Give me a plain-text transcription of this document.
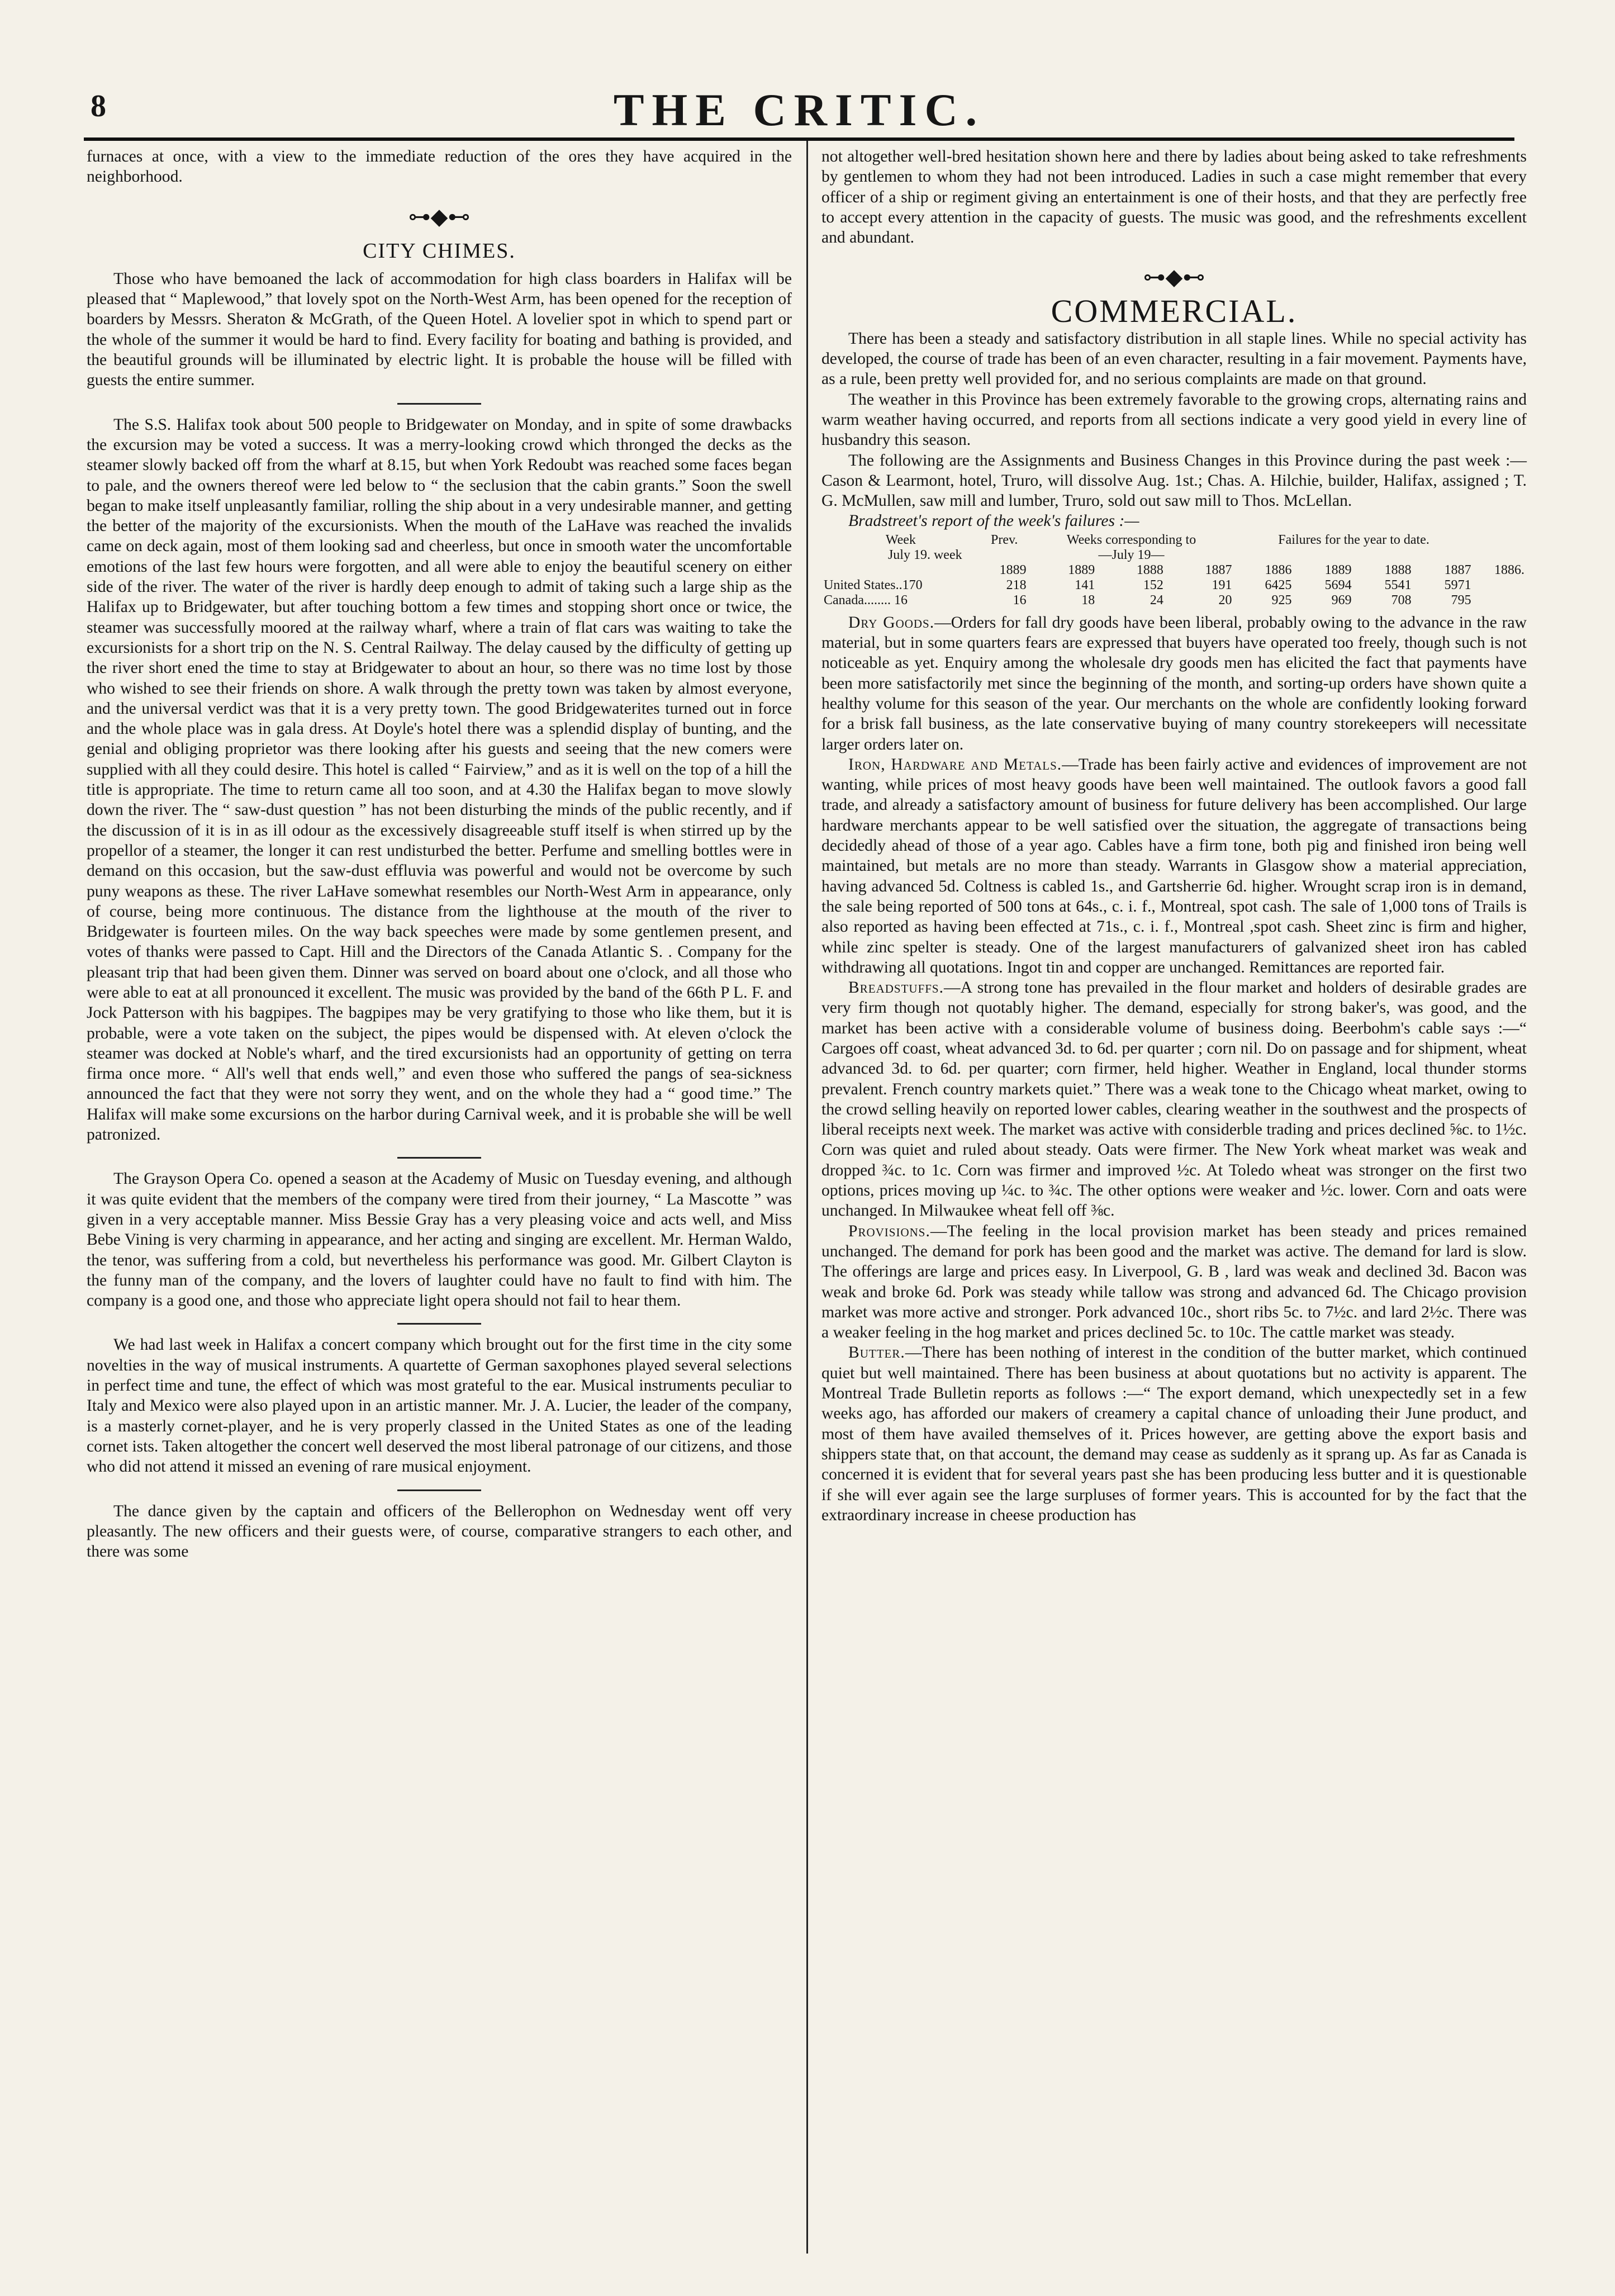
8	THE CRITIC.

furnaces at once, with a view to the immediate reduction of the ores they have acquired in the neighborhood.

⊶◆⊷
CITY CHIMES.

Those who have bemoaned the lack of accommodation for high class boarders in Halifax will be pleased that “ Maplewood,” that lovely spot on the North-West Arm, has been opened for the reception of boarders by Messrs. Sheraton & McGrath, of the Queen Hotel. A lovelier spot in which to spend part or the whole of the summer it would be hard to find. Every facility for boating and bathing is provided, and the beautiful grounds will be illuminated by electric light. It is probable the house will be filled with guests the entire summer.

The S.S. Halifax took about 500 people to Bridgewater on Monday, and in spite of some drawbacks the excursion may be voted a success. It was a merry-looking crowd which thronged the decks as the steamer slowly backed off from the wharf at 8.15, but when York Redoubt was reached some faces began to pale, and the owners thereof were led below to “ the seclusion that the cabin grants.” Soon the swell began to make itself unpleasantly familiar, rolling the ship about in a very undesirable manner, and getting the better of the majority of the excursionists. When the mouth of the LaHave was reached the invalids came on deck again, most of them looking sad and cheerless, but once in smooth water the uncomfortable emotions of the last few hours were forgotten, and all were able to enjoy the beautiful scenery on either side of the river. The water of the river is hardly deep enough to admit of taking such a large ship as the Halifax up to Bridgewater, but after touching bottom a few times and stopping short once or twice, the steamer was successfully moored at the railway wharf, where a train of flat cars was waiting to take the excursionists for a short trip on the N. S. Central Railway. The delay caused by the difficulty of getting up the river short ened the time to stay at Bridgewater to about an hour, so there was no time lost by those who wished to see their friends on shore. A walk through the pretty town was taken by almost everyone, and the universal verdict was that it is a very pretty town. The good Bridgewaterites turned out in force and the whole place was in gala dress. At Doyle's hotel there was a splendid display of bunting, and the genial and obliging proprietor was there looking after his guests and seeing that the new comers were supplied with all they could desire. This hotel is called “ Fairview,” and as it is well on the top of a hill the title is appropriate. The time to return came all too soon, and at 4.30 the Halifax began to move slowly down the river. The “ saw-dust question ” has not been disturbing the minds of the public recently, and if the discussion of it is in as ill odour as the excessively disagreeable stuff itself is when stirred up by the propellor of a steamer, the longer it can rest undisturbed the better. Perfume and smelling bottles were in demand on this occasion, but the saw-dust effluvia was powerful and would not be overcome by such puny weapons as these. The river LaHave somewhat resembles our North-West Arm in appearance, only of course, being more continuous. The distance from the lighthouse at the mouth of the river to Bridgewater is fourteen miles. On the way back speeches were made by some gentlemen present, and votes of thanks were passed to Capt. Hill and the Directors of the Canada Atlantic S. . Company for the pleasant trip that had been given them. Dinner was served on board about one o'clock, and all those who were able to eat at all pronounced it excellent. The music was provided by the band of the 66th P L. F. and Jock Patterson with his bagpipes. The bagpipes may be very gratifying to those who like them, but it is probable, were a vote taken on the subject, the pipes would be dispensed with. At eleven o'clock the steamer was docked at Noble's wharf, and the tired excursionists had an opportunity of getting on terra firma once more. “ All's well that ends well,” and even those who suffered the pangs of sea-sickness announced the fact that they were not sorry they went, and on the whole they had a “ good time.” The Halifax will make some excursions on the harbor during Carnival week, and it is probable she will be well patronized.

The Grayson Opera Co. opened a season at the Academy of Music on Tuesday evening, and although it was quite evident that the members of the company were tired from their journey, “ La Mascotte ” was given in a very acceptable manner. Miss Bessie Gray has a very pleasing voice and acts well, and Miss Bebe Vining is very charming in appearance, and her acting and singing are excellent. Mr. Herman Waldo, the tenor, was suffering from a cold, but nevertheless his performance was good. Mr. Gilbert Clayton is the funny man of the company, and the lovers of laughter could have no fault to find with him. The company is a good one, and those who appreciate light opera should not fail to hear them.

We had last week in Halifax a concert company which brought out for the first time in the city some novelties in the way of musical instruments. A quartette of German saxophones played several selections in perfect time and tune, the effect of which was most grateful to the ear. Musical instruments peculiar to Italy and Mexico were also played upon in an artistic manner. Mr. J. A. Lucier, the leader of the company, is a masterly cornet-player, and he is very properly classed in the United States as one of the leading cornet ists. Taken altogether the concert well deserved the most liberal patronage of our citizens, and those who did not attend it missed an evening of rare musical enjoyment.

The dance given by the captain and officers of the Bellerophon on Wednesday went off very pleasantly. The new officers and their guests were, of course, comparative strangers to each other, and there was some

not altogether well-bred hesitation shown here and there by ladies about being asked to take refreshments by gentlemen to whom they had not been introduced. Ladies in such a case might remember that every officer of a ship or regiment giving an entertainment is one of their hosts, and that they are perfectly free to accept every attention in the capacity of guests. The music was good, and the refreshments excellent and abundant.

⊶◆⊷
COMMERCIAL.

There has been a steady and satisfactory distribution in all staple lines. While no special activity has developed, the course of trade has been of an even character, resulting in a fair movement. Payments have, as a rule, been pretty well provided for, and no serious complaints are made on that ground.

The weather in this Province has been extremely favorable to the growing crops, alternating rains and warm weather having occurred, and reports from all sections indicate a very good yield in every line of husbandry this season.

The following are the Assignments and Business Changes in this Province during the past week :—Cason & Learmont, hotel, Truro, will dissolve Aug. 1st.; Chas. A. Hilchie, builder, Halifax, assigned ; T. G. McMullen, saw mill and lumber, Truro, sold out saw mill to Thos. McLellan.

Bradstreet's report of the week's failures :—

Week	Prev.	Weeks corresponding to			Failures for the year to date.				
July 19. week		—July 19—							
	1889	1889	1888	1887	1886	1889	1888	1887	1886.
United States..170	218	141	152	191	6425	5694	5541	5971	
Canada........ 16	16	18	24	20	925	969	708	795	

Dry Goods.—Orders for fall dry goods have been liberal, probably owing to the advance in the raw material, but in some quarters fears are expressed that buyers have operated too freely, though such is not noticeable as yet. Enquiry among the wholesale dry goods men has elicited the fact that payments have been more satisfactorily met since the beginning of the month, and sorting-up orders have shown quite a healthy volume for this season of the year. Our merchants on the whole are confidently looking forward for a brisk fall business, as the late conservative buying of many country storekeepers will necessitate larger orders later on.

Iron, Hardware and Metals.—Trade has been fairly active and evidences of improvement are not wanting, while prices of most heavy goods have been well maintained. The outlook favors a good fall trade, and already a satisfactory amount of business for future delivery has been accomplished. Our large hardware merchants appear to be well satisfied over the situation, the aggregate of transactions being decidedly ahead of those of a year ago. Cables have a firm tone, both pig and finished iron being well maintained, but metals are no more than steady. Warrants in Glasgow show a material appreciation, having advanced 5d. Coltness is cabled 1s., and Gartsherrie 6d. higher. Wrought scrap iron is in demand, the sale being reported of 500 tons at 64s., c. i. f., Montreal, spot cash. The sale of 1,000 tons of Trails is also reported as having been effected at 71s., c. i. f., Montreal ,spot cash. Sheet zinc is firm and higher, while zinc spelter is steady. One of the largest manufacturers of galvanized sheet iron has cabled withdrawing all quotations. Ingot tin and copper are unchanged. Remittances are reported fair.

Breadstuffs.—A strong tone has prevailed in the flour market and holders of desirable grades are very firm though not quotably higher. The demand, especially for strong baker's, was good, and the market has been active with a considerable volume of business doing. Beerbohm's cable says :—“ Cargoes off coast, wheat advanced 3d. to 6d. per quarter ; corn nil. Do on passage and for shipment, wheat advanced 3d. to 6d. per quarter; corn firmer, held higher. Weather in England, local thunder storms prevalent. French country markets quiet.” There was a weak tone to the Chicago wheat market, owing to the crowd selling heavily on reported lower cables, clearing weather in the southwest and the prospects of liberal receipts next week. The market was active with considerble trading and prices declined ⅝c. to 1½c. Corn was quiet and ruled about steady. Oats were firmer. The New York wheat market was weak and dropped ¾c. to 1c. Corn was firmer and improved ½c. At Toledo wheat was stronger on the first two options, prices moving up ¼c. to ¾c. The other options were weaker and ½c. lower. Corn and oats were unchanged. In Milwaukee wheat fell off ⅜c.

Provisions.—The feeling in the local provision market has been steady and prices remained unchanged. The demand for pork has been good and the market was active. The demand for lard is slow. The offerings are large and prices easy. In Liverpool, G. B , lard was weak and declined 3d. Bacon was weak and broke 6d. Pork was steady while tallow was strong and advanced 6d. The Chicago provision market was more active and stronger. Pork advanced 10c., short ribs 5c. to 7½c. and lard 2½c. There was a weaker feeling in the hog market and prices declined 5c. to 10c. The cattle market was steady.

Butter.—There has been nothing of interest in the condition of the butter market, which continued quiet but well maintained. There has been business at about quotations but no activity is apparent. The Montreal Trade Bulletin reports as follows :—“ The export demand, which unexpectedly set in a few weeks ago, has afforded our makers of creamery a capital chance of unloading their June product, and most of them have availed themselves of it. Prices however, are getting above the export basis and shippers state that, on that account, the demand may cease as suddenly as it sprang up. As far as Canada is concerned it is evident that for several years past she has been producing less butter and it is questionable if she will ever again see the large surpluses of former years. This is accounted for by the fact that the extraordinary increase in cheese production has
